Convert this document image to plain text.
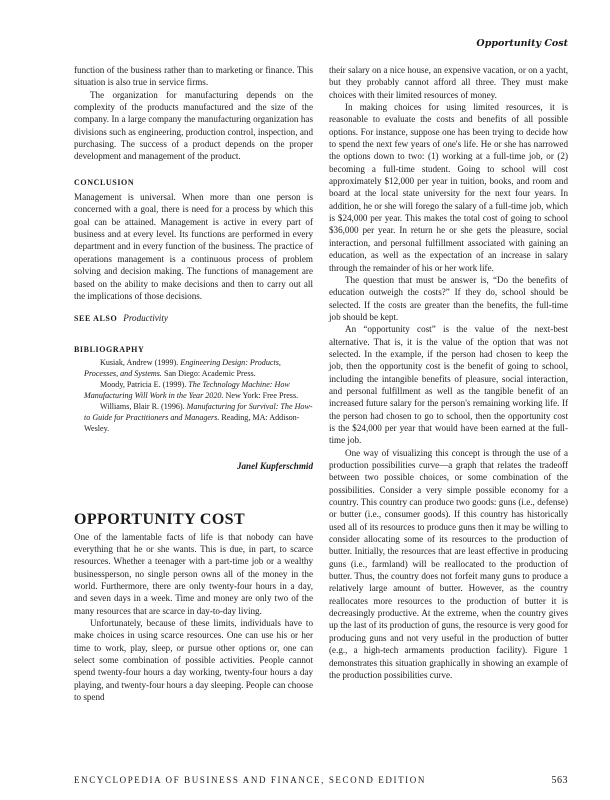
Opportunity Cost

function of the business rather than to marketing or finance. This situation is also true in service firms.

The organization for manufacturing depends on the complexity of the products manufactured and the size of the company. In a large company the manufacturing organization has divisions such as engineering, production control, inspection, and purchasing. The success of a product depends on the proper development and management of the product.

CONCLUSION

Management is universal. When more than one person is concerned with a goal, there is need for a process by which this goal can be attained. Management is active in every part of business and at every level. Its functions are performed in every department and in every function of the business. The practice of operations management is a continuous process of problem solving and decision making. The functions of management are based on the ability to make decisions and then to carry out all the implications of those decisions.

SEE ALSO Productivity
BIBLIOGRAPHY

Kusiak, Andrew (1999). Engineering Design: Products, Processes, and Systems. San Diego: Academic Press.

Moody, Patricia E. (1999). The Technology Machine: How Manufacturing Will Work in the Year 2020. New York: Free Press.

Williams, Blair R. (1996). Manufacturing for Survival: The How-to Guide for Practitioners and Managers. Reading, MA: Addison-Wesley.

Janel Kupferschmid
OPPORTUNITY COST

One of the lamentable facts of life is that nobody can have everything that he or she wants. This is due, in part, to scarce resources. Whether a teenager with a part-time job or a wealthy businessperson, no single person owns all of the money in the world. Furthermore, there are only twenty-four hours in a day, and seven days in a week. Time and money are only two of the many resources that are scarce in day-to-day living.

Unfortunately, because of these limits, individuals have to make choices in using scarce resources. One can use his or her time to work, play, sleep, or pursue other options or, one can select some combination of possible activities. People cannot spend twenty-four hours a day working, twenty-four hours a day playing, and twenty-four hours a day sleeping. People can choose to spend

their salary on a nice house, an expensive vacation, or on a yacht, but they probably cannot afford all three. They must make choices with their limited resources of money.

In making choices for using limited resources, it is reasonable to evaluate the costs and benefits of all possible options. For instance, suppose one has been trying to decide how to spend the next few years of one's life. He or she has narrowed the options down to two: (1) working at a full-time job, or (2) becoming a full-time student. Going to school will cost approximately $12,000 per year in tuition, books, and room and board at the local state university for the next four years. In addition, he or she will forego the salary of a full-time job, which is $24,000 per year. This makes the total cost of going to school $36,000 per year. In return he or she gets the pleasure, social interaction, and personal fulfillment associated with gaining an education, as well as the expectation of an increase in salary through the remainder of his or her work life.

The question that must be answer is, “Do the benefits of education outweigh the costs?” If they do, school should be selected. If the costs are greater than the benefits, the full-time job should be kept.

An “opportunity cost” is the value of the next-best alternative. That is, it is the value of the option that was not selected. In the example, if the person had chosen to keep the job, then the opportunity cost is the benefit of going to school, including the intangible benefits of pleasure, social interaction, and personal fulfillment as well as the tangible benefit of an increased future salary for the person's remaining working life. If the person had chosen to go to school, then the opportunity cost is the $24,000 per year that would have been earned at the full-time job.

One way of visualizing this concept is through the use of a production possibilities curve—a graph that relates the tradeoff between two possible choices, or some combination of the possibilities. Consider a very simple possible economy for a country. This country can produce two goods: guns (i.e., defense) or butter (i.e., consumer goods). If this country has historically used all of its resources to produce guns then it may be willing to consider allocating some of its resources to the production of butter. Initially, the resources that are least effective in producing guns (i.e., farmland) will be reallocated to the production of butter. Thus, the country does not forfeit many guns to produce a relatively large amount of butter. However, as the country reallocates more resources to the production of butter it is decreasingly productive. At the extreme, when the country gives up the last of its production of guns, the resource is very good for producing guns and not very useful in the production of butter (e.g., a high-tech armaments production facility). Figure 1 demonstrates this situation graphically in showing an example of the production possibilities curve.

ENCYCLOPEDIA OF BUSINESS AND FINANCE, SECOND EDITION	563
